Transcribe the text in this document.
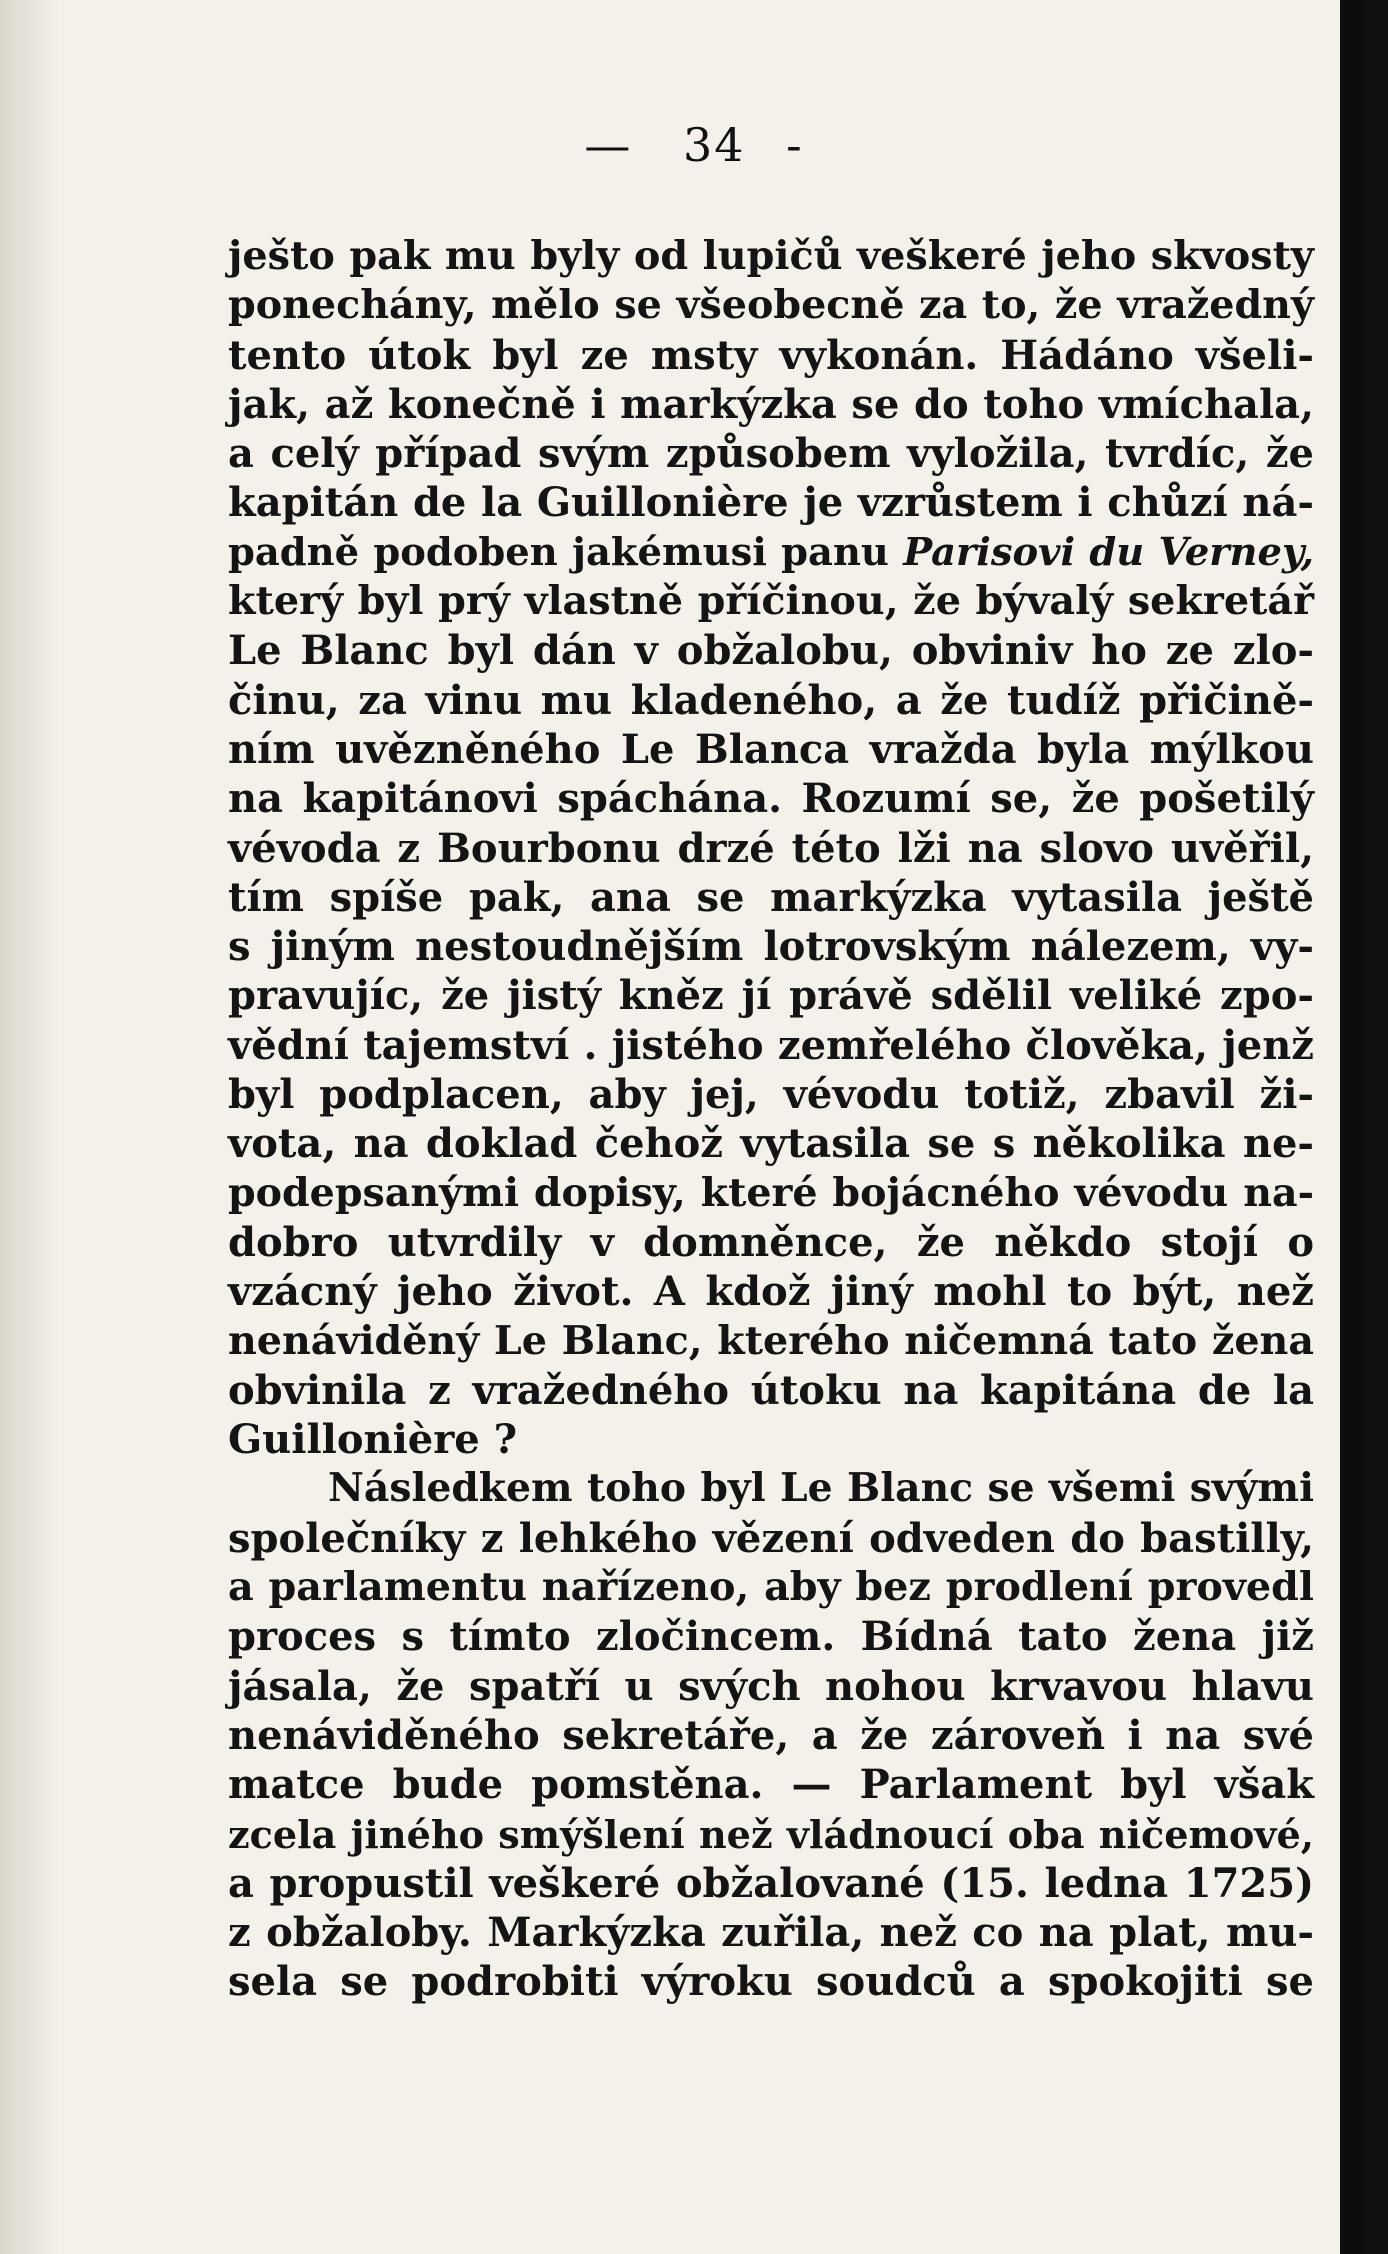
— 34 -
ješto pak mu byly od lupičů veškeré jeho skvosty
ponechány, mělo se všeobecně za to, že vražedný
tento útok byl ze msty vykonán. Hádáno všeli-
jak, až konečně i markýzka se do toho vmíchala,
a celý případ svým způsobem vyložila, tvrdíc, že
kapitán de la Guillonière je vzrůstem i chůzí ná-
padně podoben jakémusi panu Parisovi du Verney,
který byl prý vlastně příčinou, že bývalý sekretář
Le Blanc byl dán v obžalobu, obviniv ho ze zlo-
činu, za vinu mu kladeného, a že tudíž přičině-
ním uvězněného Le Blanca vražda byla mýlkou
na kapitánovi spáchána. Rozumí se, že pošetilý
vévoda z Bourbonu drzé této lži na slovo uvěřil,
tím spíše pak, ana se markýzka vytasila ještě
s jiným nestoudnějším lotrovským nálezem, vy-
pravujíc, že jistý kněz jí právě sdělil veliké zpo-
vědní tajemství . jistého zemřelého člověka, jenž
byl podplacen, aby jej, vévodu totiž, zbavil ži-
vota, na doklad čehož vytasila se s několika ne-
podepsanými dopisy, které bojácného vévodu na-
dobro utvrdily v domněnce, že někdo stojí o
vzácný jeho život. A kdož jiný mohl to být, než
nenáviděný Le Blanc, kterého ničemná tato žena
obvinila z vražedného útoku na kapitána de la
Guillonière ?
Následkem toho byl Le Blanc se všemi svými
společníky z lehkého vězení odveden do bastilly,
a parlamentu nařízeno, aby bez prodlení provedl
proces s tímto zločincem. Bídná tato žena již
jásala, že spatří u svých nohou krvavou hlavu
nenáviděného sekretáře, a že zároveň i na své
matce bude pomstěna. — Parlament byl však
zcela jiného smýšlení než vládnoucí oba ničemové,
a propustil veškeré obžalované (15. ledna 1725)
z obžaloby. Markýzka zuřila, než co na plat, mu-
sela se podrobiti výroku soudců a spokojiti se
